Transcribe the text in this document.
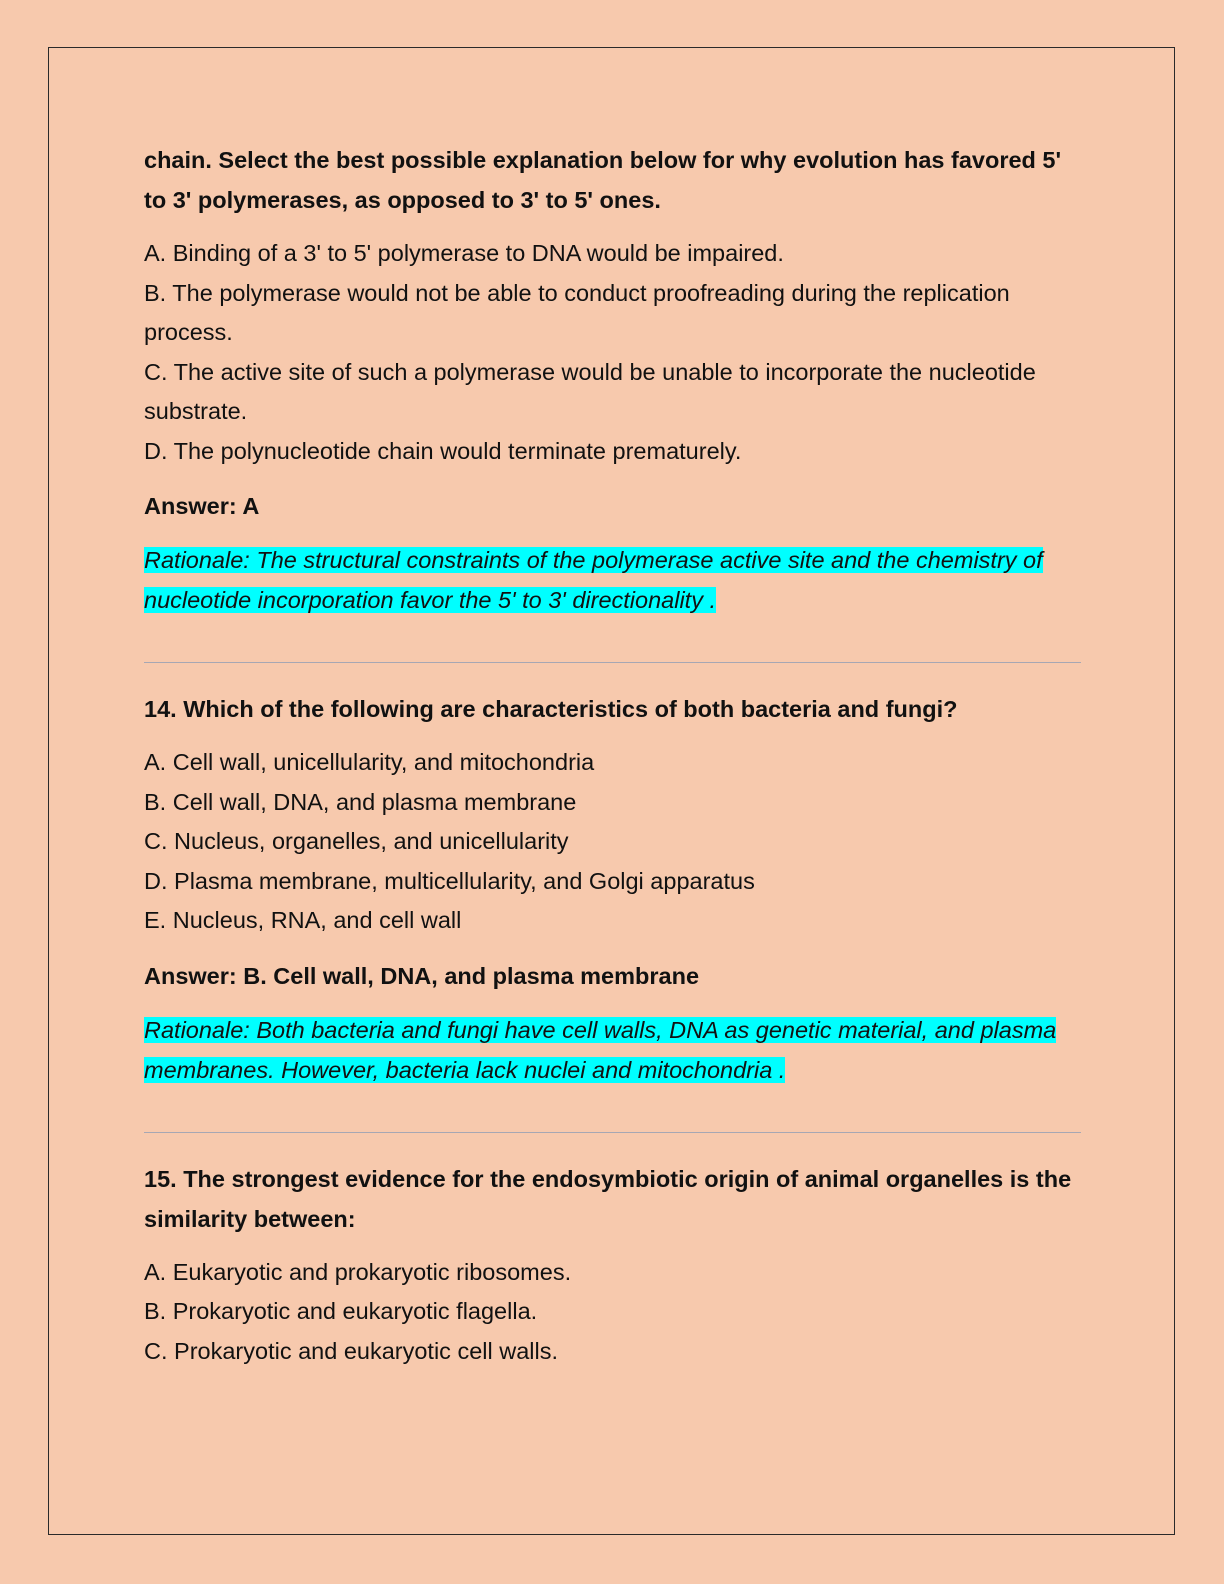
chain. Select the best possible explanation below for why evolution has favored 5' to 3' polymerases, as opposed to 3' to 5' ones.

A. Binding of a 3' to 5' polymerase to DNA would be impaired.

B. The polymerase would not be able to conduct proofreading during the replication process.

C. The active site of such a polymerase would be unable to incorporate the nucleotide substrate.

D. The polynucleotide chain would terminate prematurely.

Answer: A
Rationale: The structural constraints of the polymerase active site and the chemistry of nucleotide incorporation favor the 5' to 3' directionality .

14. Which of the following are characteristics of both bacteria and fungi?

A. Cell wall, unicellularity, and mitochondria

B. Cell wall, DNA, and plasma membrane

C. Nucleus, organelles, and unicellularity

D. Plasma membrane, multicellularity, and Golgi apparatus

E. Nucleus, RNA, and cell wall

Answer: B. Cell wall, DNA, and plasma membrane
Rationale: Both bacteria and fungi have cell walls, DNA as genetic material, and plasma membranes. However, bacteria lack nuclei and mitochondria .

15. The strongest evidence for the endosymbiotic origin of animal organelles is the similarity between:

A. Eukaryotic and prokaryotic ribosomes.

B. Prokaryotic and eukaryotic flagella.

C. Prokaryotic and eukaryotic cell walls.
